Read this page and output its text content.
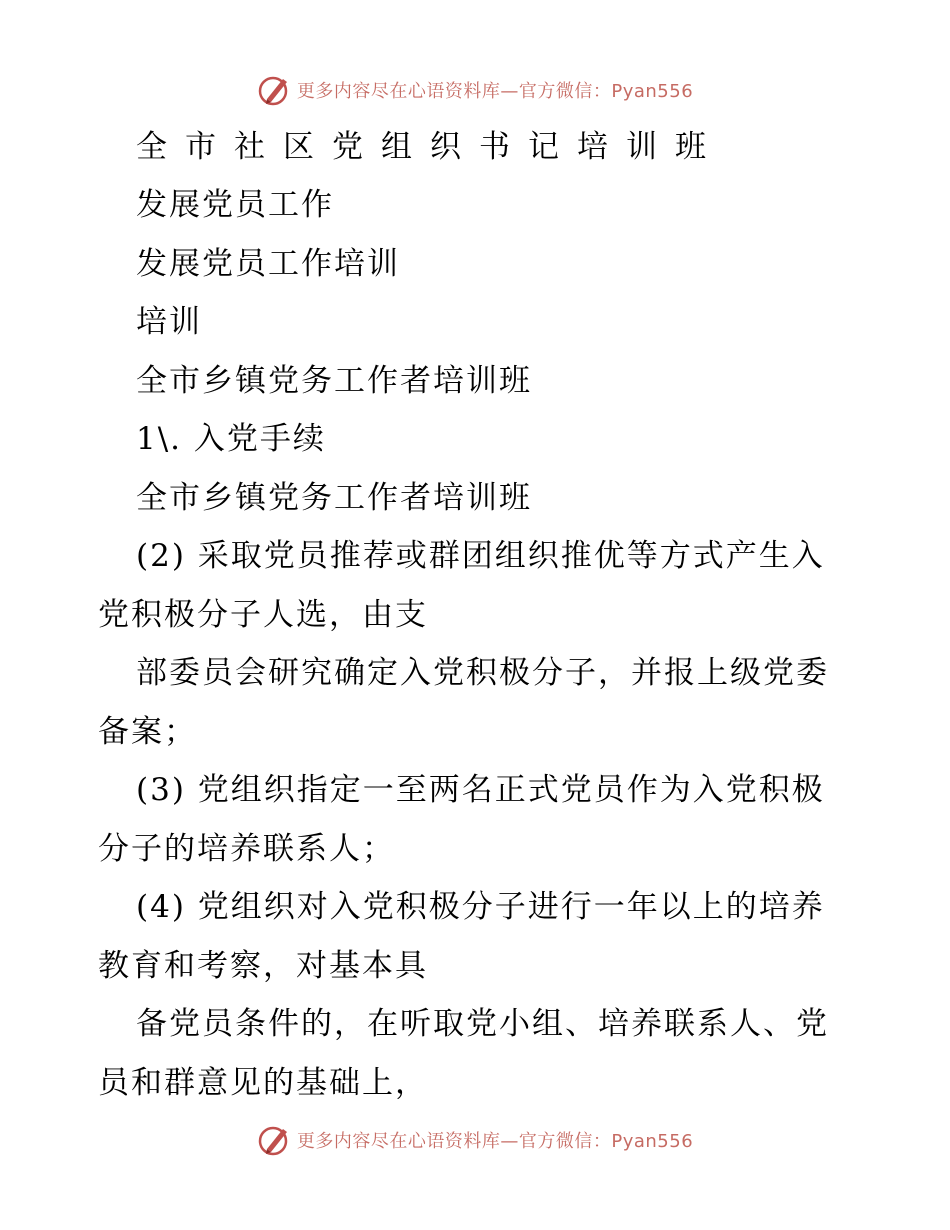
更多内容尽在心语资料库—官方微信：Pyan556
全市社区党组织书记培训班
发展党员工作
发展党员工作培训
培训
全市乡镇党务工作者培训班
1\. 入党手续
全市乡镇党务工作者培训班
(2) 采取党员推荐或群团组织推优等方式产生入
党积极分子人选，由支
部委员会研究确定入党积极分子，并报上级党委
备案；
(3) 党组织指定一至两名正式党员作为入党积极
分子的培养联系人；
(4) 党组织对入党积极分子进行一年以上的培养
教育和考察，对基本具
备党员条件的，在听取党小组、培养联系人、党
员和群意见的基础上，
更多内容尽在心语资料库—官方微信：Pyan556
